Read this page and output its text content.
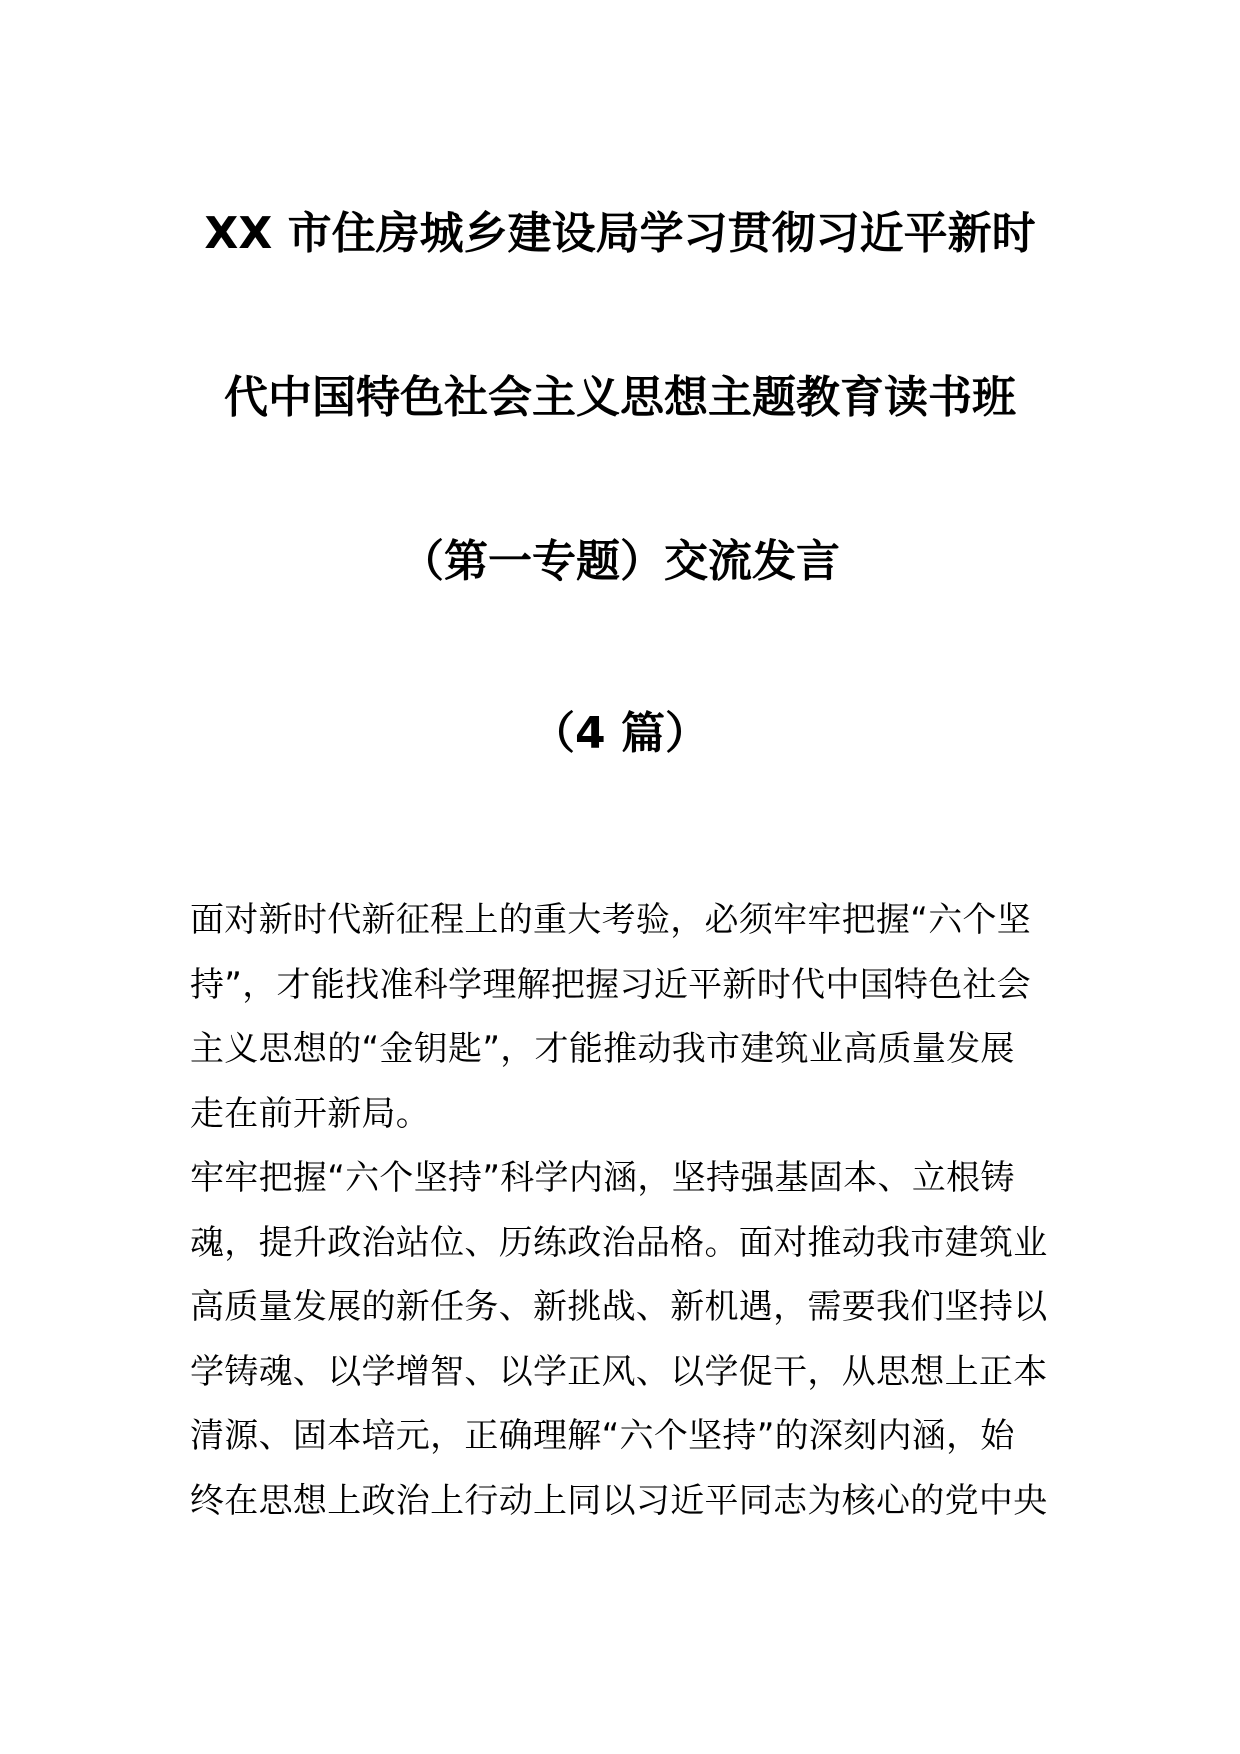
XX 市住房城乡建设局学习贯彻习近平新时
代中国特色社会主义思想主题教育读书班
（第一专题）交流发言
（4 篇）
面对新时代新征程上的重大考验，必须牢牢把握“六个坚
持”，才能找准科学理解把握习近平新时代中国特色社会
主义思想的“金钥匙”，才能推动我市建筑业高质量发展
走在前开新局。
牢牢把握“六个坚持”科学内涵，坚持强基固本、立根铸
魂，提升政治站位、历练政治品格。面对推动我市建筑业
高质量发展的新任务、新挑战、新机遇，需要我们坚持以
学铸魂、以学增智、以学正风、以学促干，从思想上正本
清源、固本培元，正确理解“六个坚持”的深刻内涵，始
终在思想上政治上行动上同以习近平同志为核心的党中央
